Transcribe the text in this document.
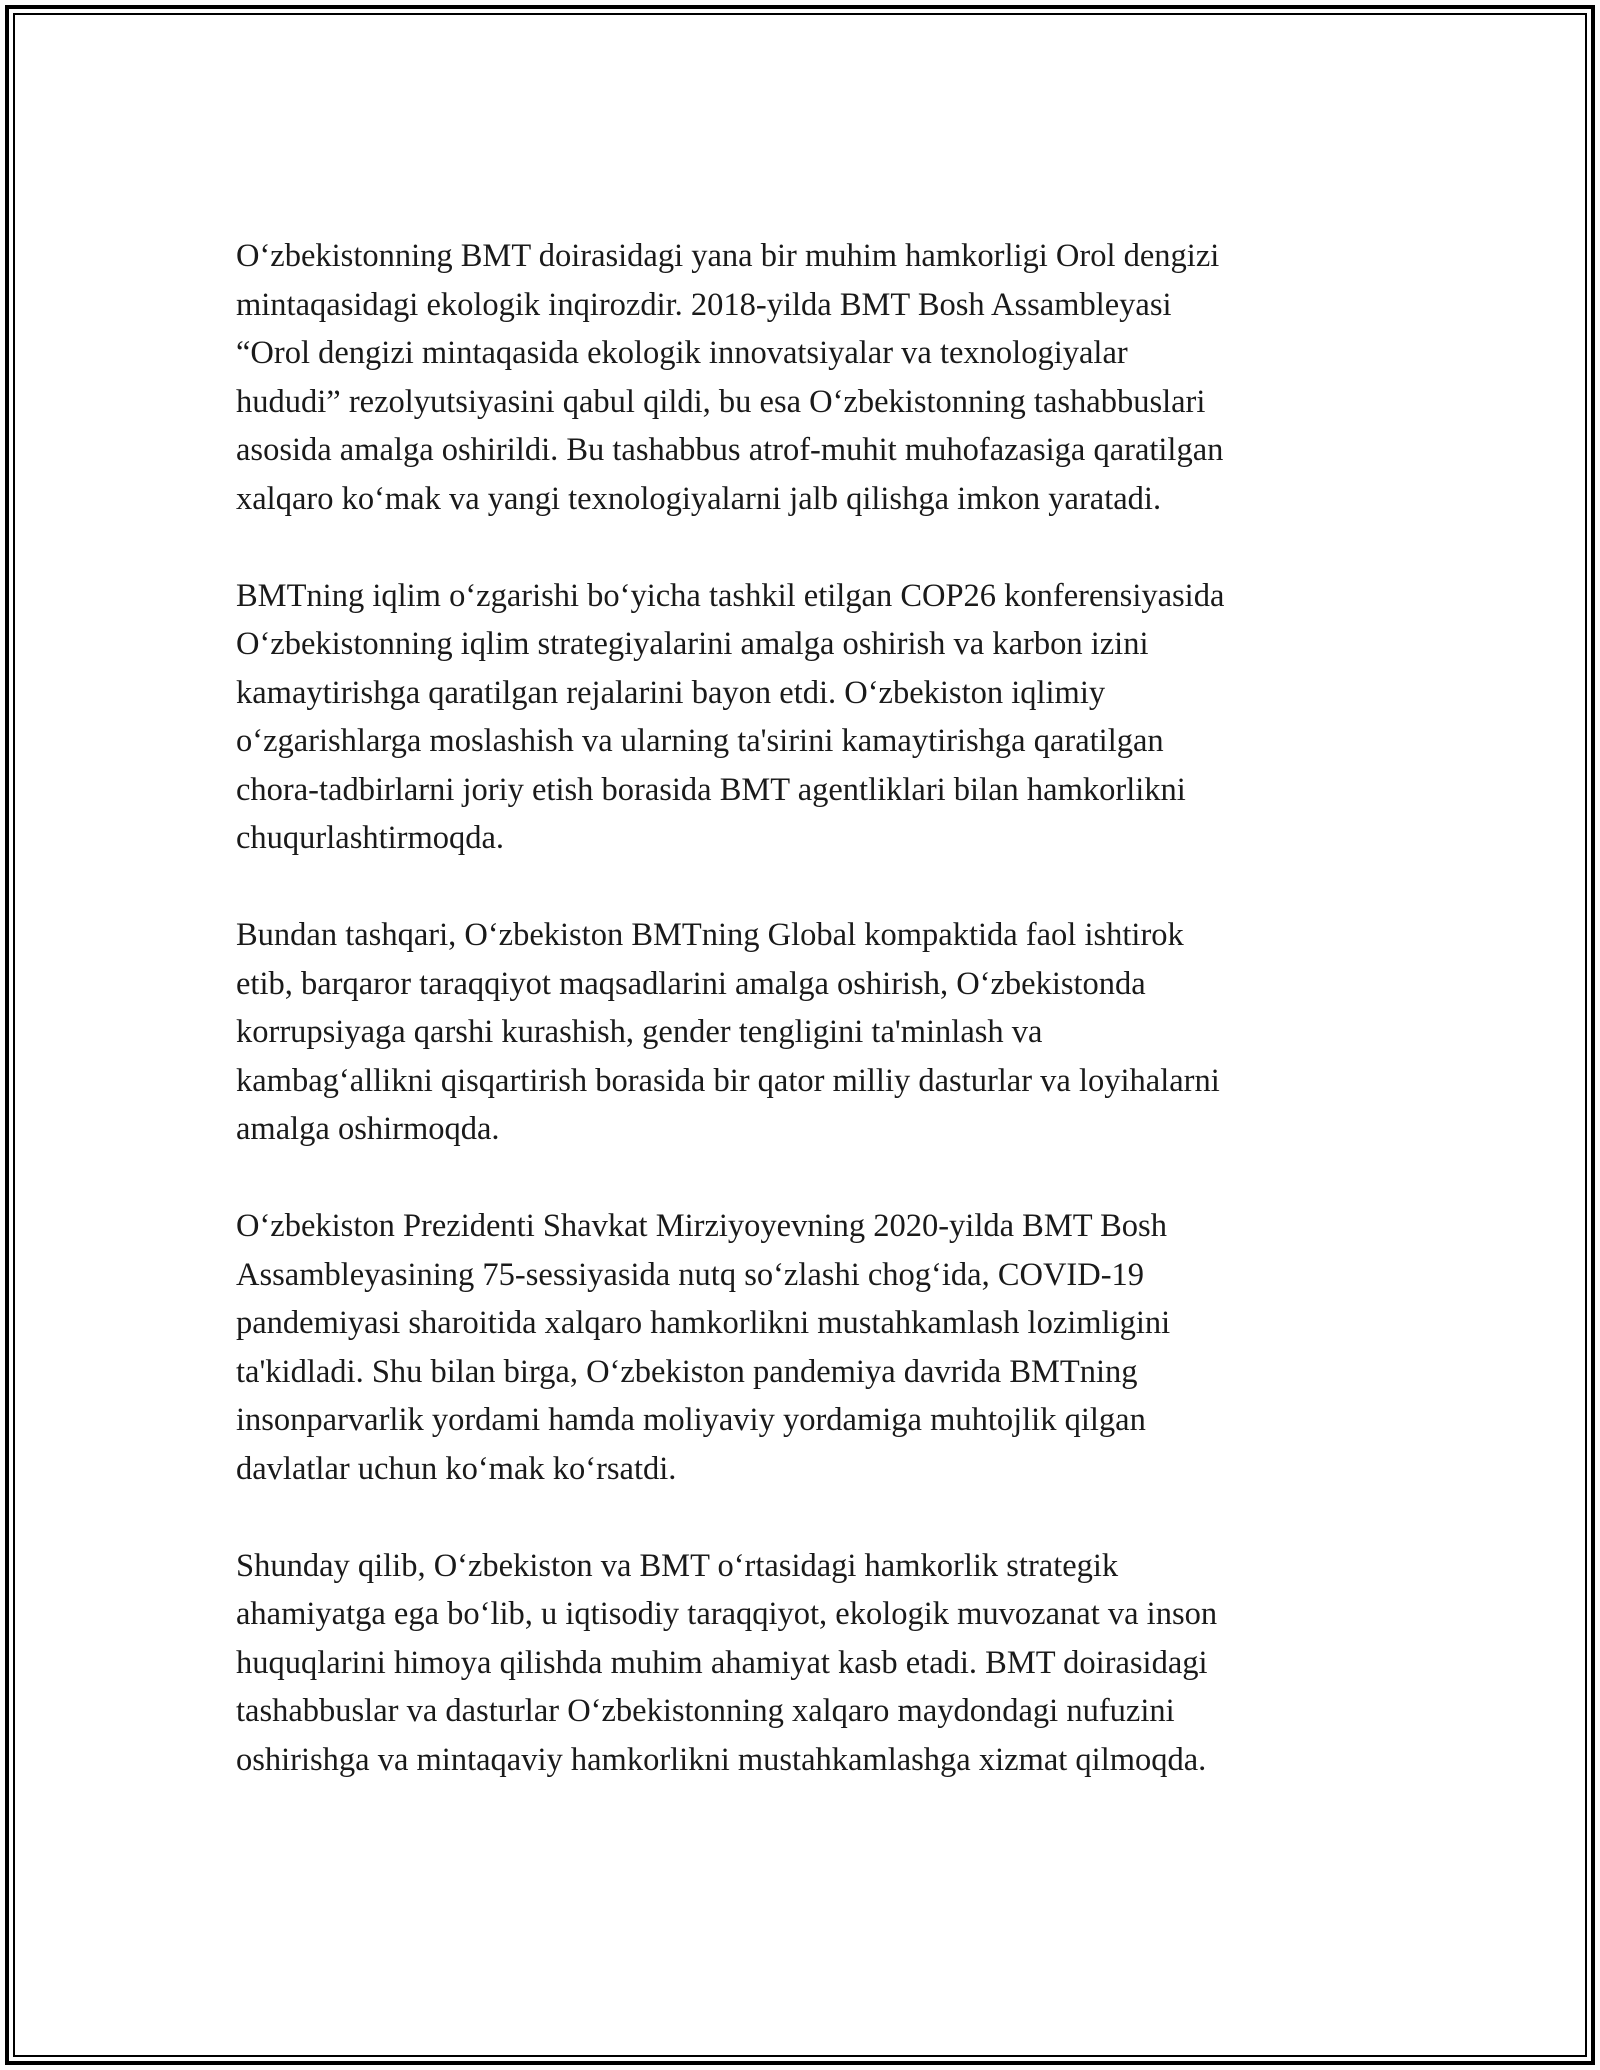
O‘zbekistonning BMT doirasidagi yana bir muhim hamkorligi Orol dengizi
mintaqasidagi ekologik inqirozdir. 2018-yilda BMT Bosh Assambleyasi
“Orol dengizi mintaqasida ekologik innovatsiyalar va texnologiyalar
hududi” rezolyutsiyasini qabul qildi, bu esa O‘zbekistonning tashabbuslari
asosida amalga oshirildi. Bu tashabbus atrof-muhit muhofazasiga qaratilgan
xalqaro ko‘mak va yangi texnologiyalarni jalb qilishga imkon yaratadi.

BMTning iqlim o‘zgarishi bo‘yicha tashkil etilgan COP26 konferensiyasida
O‘zbekistonning iqlim strategiyalarini amalga oshirish va karbon izini
kamaytirishga qaratilgan rejalarini bayon etdi. O‘zbekiston iqlimiy
o‘zgarishlarga moslashish va ularning ta'sirini kamaytirishga qaratilgan
chora-tadbirlarni joriy etish borasida BMT agentliklari bilan hamkorlikni
chuqurlashtirmoqda.

Bundan tashqari, O‘zbekiston BMTning Global kompaktida faol ishtirok
etib, barqaror taraqqiyot maqsadlarini amalga oshirish, O‘zbekistonda
korrupsiyaga qarshi kurashish, gender tengligini ta'minlash va
kambag‘allikni qisqartirish borasida bir qator milliy dasturlar va loyihalarni
amalga oshirmoqda.

O‘zbekiston Prezidenti Shavkat Mirziyoyevning 2020-yilda BMT Bosh
Assambleyasining 75-sessiyasida nutq so‘zlashi chog‘ida, COVID-19
pandemiyasi sharoitida xalqaro hamkorlikni mustahkamlash lozimligini
ta'kidladi. Shu bilan birga, O‘zbekiston pandemiya davrida BMTning
insonparvarlik yordami hamda moliyaviy yordamiga muhtojlik qilgan
davlatlar uchun ko‘mak ko‘rsatdi.

Shunday qilib, O‘zbekiston va BMT o‘rtasidagi hamkorlik strategik
ahamiyatga ega bo‘lib, u iqtisodiy taraqqiyot, ekologik muvozanat va inson
huquqlarini himoya qilishda muhim ahamiyat kasb etadi. BMT doirasidagi
tashabbuslar va dasturlar O‘zbekistonning xalqaro maydondagi nufuzini
oshirishga va mintaqaviy hamkorlikni mustahkamlashga xizmat qilmoqda.
